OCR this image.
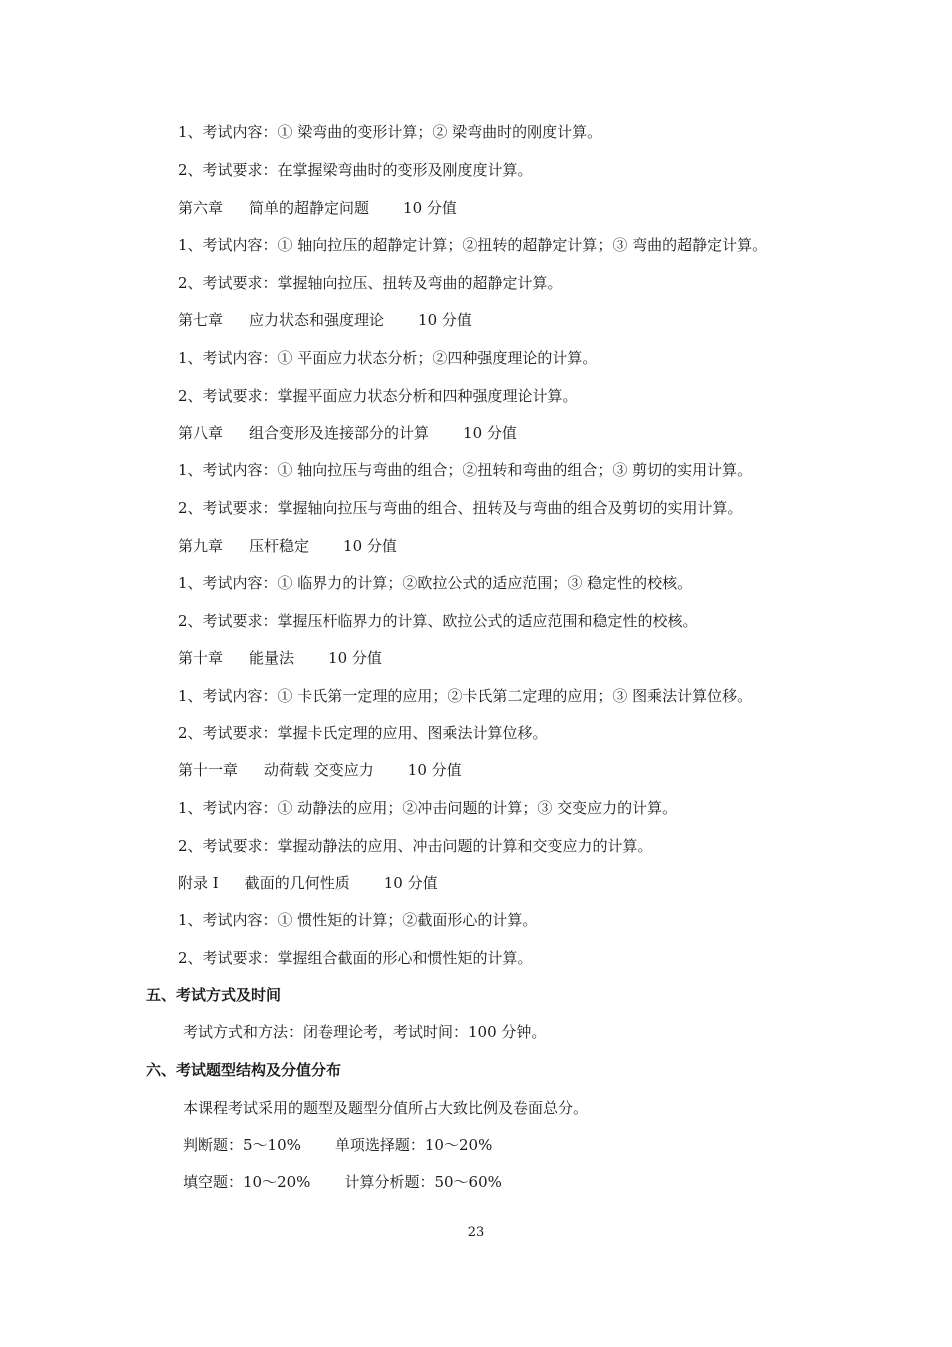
1、考试内容：① 梁弯曲的变形计算；② 梁弯曲时的刚度计算。
2、考试要求：在掌握梁弯曲时的变形及刚度度计算。
第六章 简单的超静定问题 10 分值
1、考试内容：① 轴向拉压的超静定计算；②扭转的超静定计算；③ 弯曲的超静定计算。
2、考试要求：掌握轴向拉压、扭转及弯曲的超静定计算。
第七章 应力状态和强度理论 10 分值
1、考试内容：① 平面应力状态分析；②四种强度理论的计算。
2、考试要求：掌握平面应力状态分析和四种强度理论计算。
第八章 组合变形及连接部分的计算 10 分值
1、考试内容：① 轴向拉压与弯曲的组合；②扭转和弯曲的组合；③ 剪切的实用计算。
2、考试要求：掌握轴向拉压与弯曲的组合、扭转及与弯曲的组合及剪切的实用计算。
第九章 压杆稳定 10 分值
1、考试内容：① 临界力的计算；②欧拉公式的适应范围；③ 稳定性的校核。
2、考试要求：掌握压杆临界力的计算、欧拉公式的适应范围和稳定性的校核。
第十章 能量法 10 分值
1、考试内容：① 卡氏第一定理的应用；②卡氏第二定理的应用；③ 图乘法计算位移。
2、考试要求：掌握卡氏定理的应用、图乘法计算位移。
第十一章 动荷载 交变应力 10 分值
1、考试内容：① 动静法的应用；②冲击问题的计算；③ 交变应力的计算。
2、考试要求：掌握动静法的应用、冲击问题的计算和交变应力的计算。
附录 I 截面的几何性质 10 分值
1、考试内容：① 惯性矩的计算；②截面形心的计算。
2、考试要求：掌握组合截面的形心和惯性矩的计算。
五、考试方式及时间
考试方式和方法：闭卷理论考，考试时间：100 分钟。
六、考试题型结构及分值分布
本课程考试采用的题型及题型分值所占大致比例及卷面总分。
判断题：5～10% 单项选择题：10～20%
填空题：10～20% 计算分析题：50～60%
23
